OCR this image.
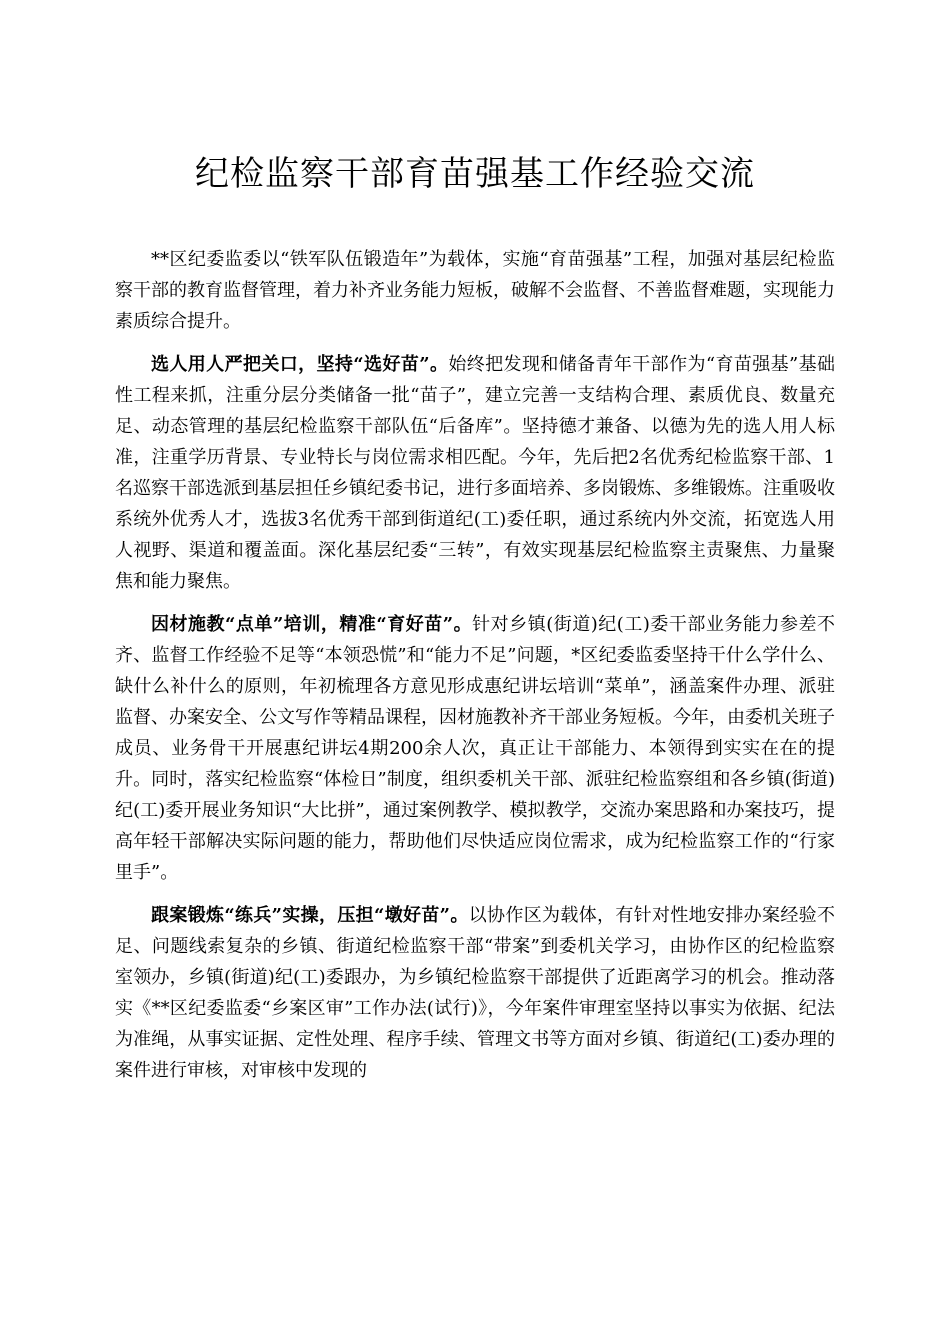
纪检监察干部育苗强基工作经验交流

**区纪委监委以“铁军队伍锻造年”为载体，实施“育苗强基”工程，加强对基层纪检监察干部的教育监督管理，着力补齐业务能力短板，破解不会监督、不善监督难题，实现能力素质综合提升。

选人用人严把关口，坚持“选好苗”。始终把发现和储备青年干部作为“育苗强基”基础性工程来抓，注重分层分类储备一批“苗子”，建立完善一支结构合理、素质优良、数量充足、动态管理的基层纪检监察干部队伍“后备库”。坚持德才兼备、以德为先的选人用人标准，注重学历背景、专业特长与岗位需求相匹配。今年，先后把2名优秀纪检监察干部、1名巡察干部选派到基层担任乡镇纪委书记，进行多面培养、多岗锻炼、多维锻炼。注重吸收系统外优秀人才，选拔3名优秀干部到街道纪(工)委任职，通过系统内外交流，拓宽选人用人视野、渠道和覆盖面。深化基层纪委“三转”，有效实现基层纪检监察主责聚焦、力量聚焦和能力聚焦。

因材施教“点单”培训，精准“育好苗”。针对乡镇(街道)纪(工)委干部业务能力参差不齐、监督工作经验不足等“本领恐慌”和“能力不足”问题，*区纪委监委坚持干什么学什么、缺什么补什么的原则，年初梳理各方意见形成惠纪讲坛培训“菜单”，涵盖案件办理、派驻监督、办案安全、公文写作等精品课程，因材施教补齐干部业务短板。今年，由委机关班子成员、业务骨干开展惠纪讲坛4期200余人次，真正让干部能力、本领得到实实在在的提升。同时，落实纪检监察“体检日”制度，组织委机关干部、派驻纪检监察组和各乡镇(街道)纪(工)委开展业务知识“大比拼”，通过案例教学、模拟教学，交流办案思路和办案技巧，提高年轻干部解决实际问题的能力，帮助他们尽快适应岗位需求，成为纪检监察工作的“行家里手”。

跟案锻炼“练兵”实操，压担“墩好苗”。以协作区为载体，有针对性地安排办案经验不足、问题线索复杂的乡镇、街道纪检监察干部“带案”到委机关学习，由协作区的纪检监察室领办，乡镇(街道)纪(工)委跟办，为乡镇纪检监察干部提供了近距离学习的机会。推动落实《**区纪委监委“乡案区审”工作办法(试行)》，今年案件审理室坚持以事实为依据、纪法为准绳，从事实证据、定性处理、程序手续、管理文书等方面对乡镇、街道纪(工)委办理的案件进行审核，对审核中发现的
